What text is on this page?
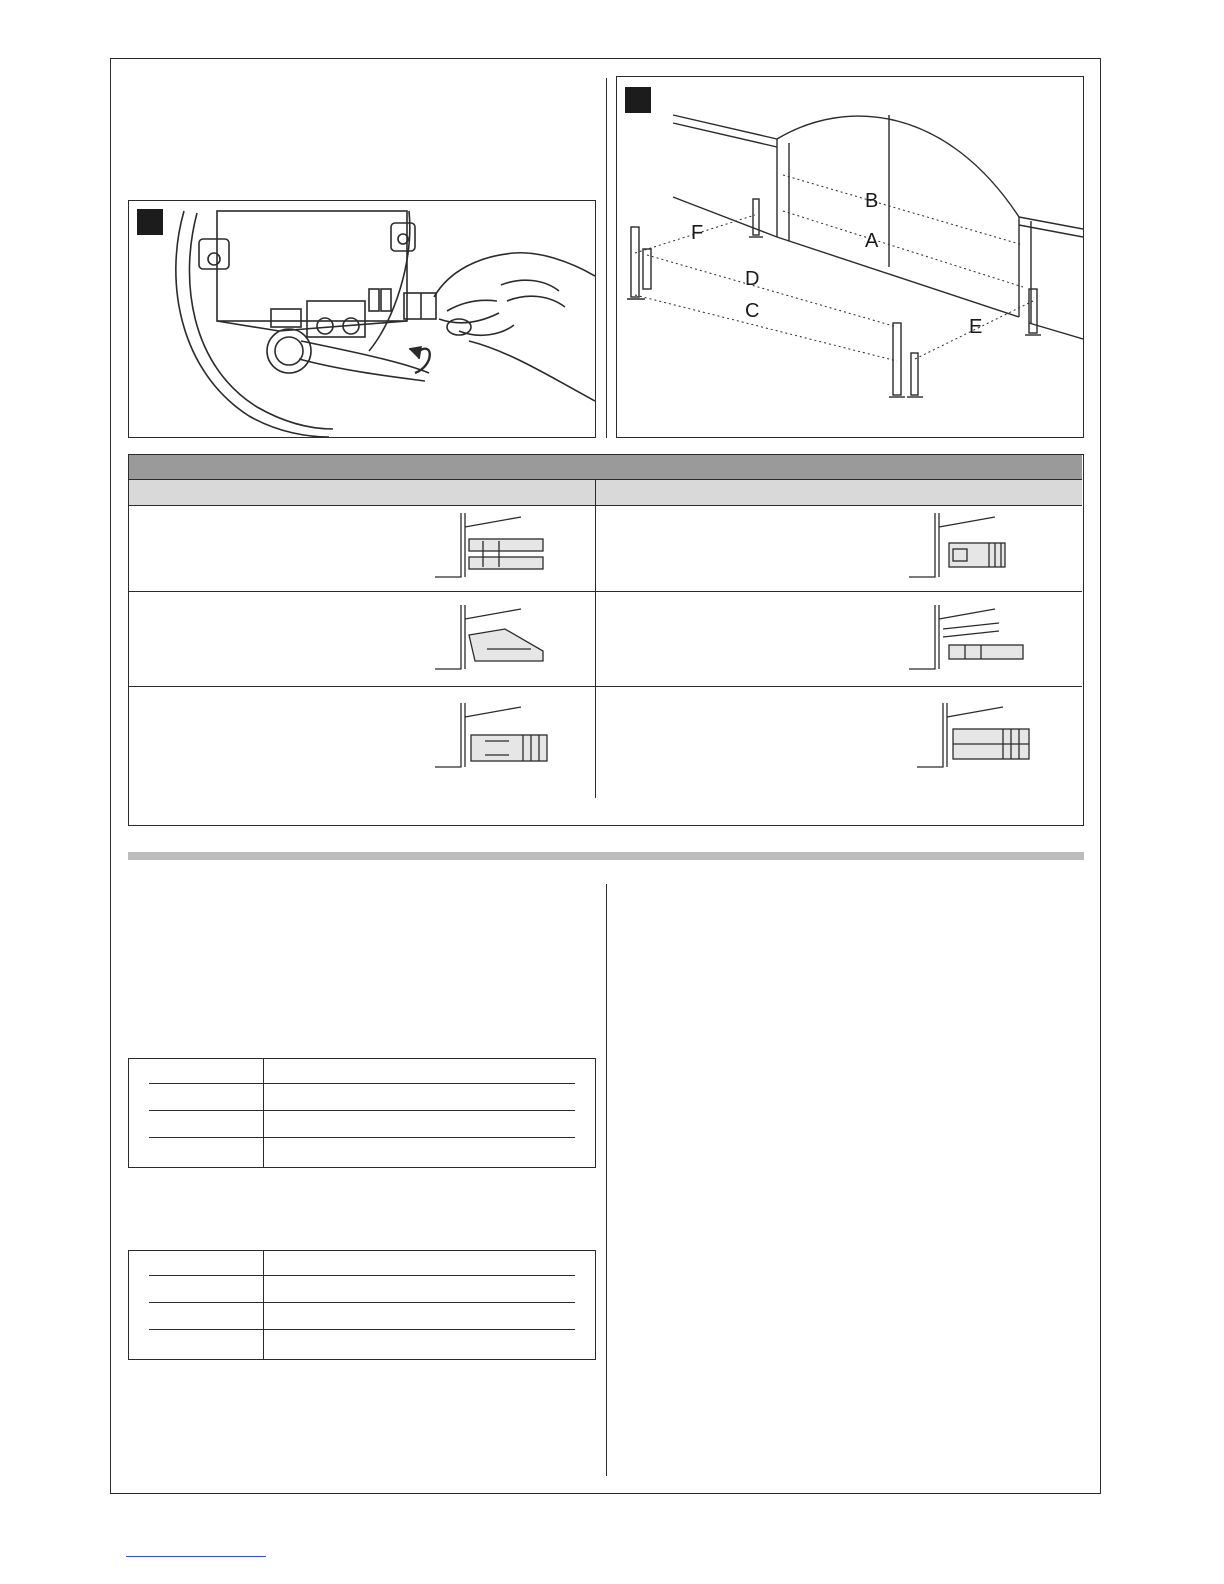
B
A
F
D
C
E
